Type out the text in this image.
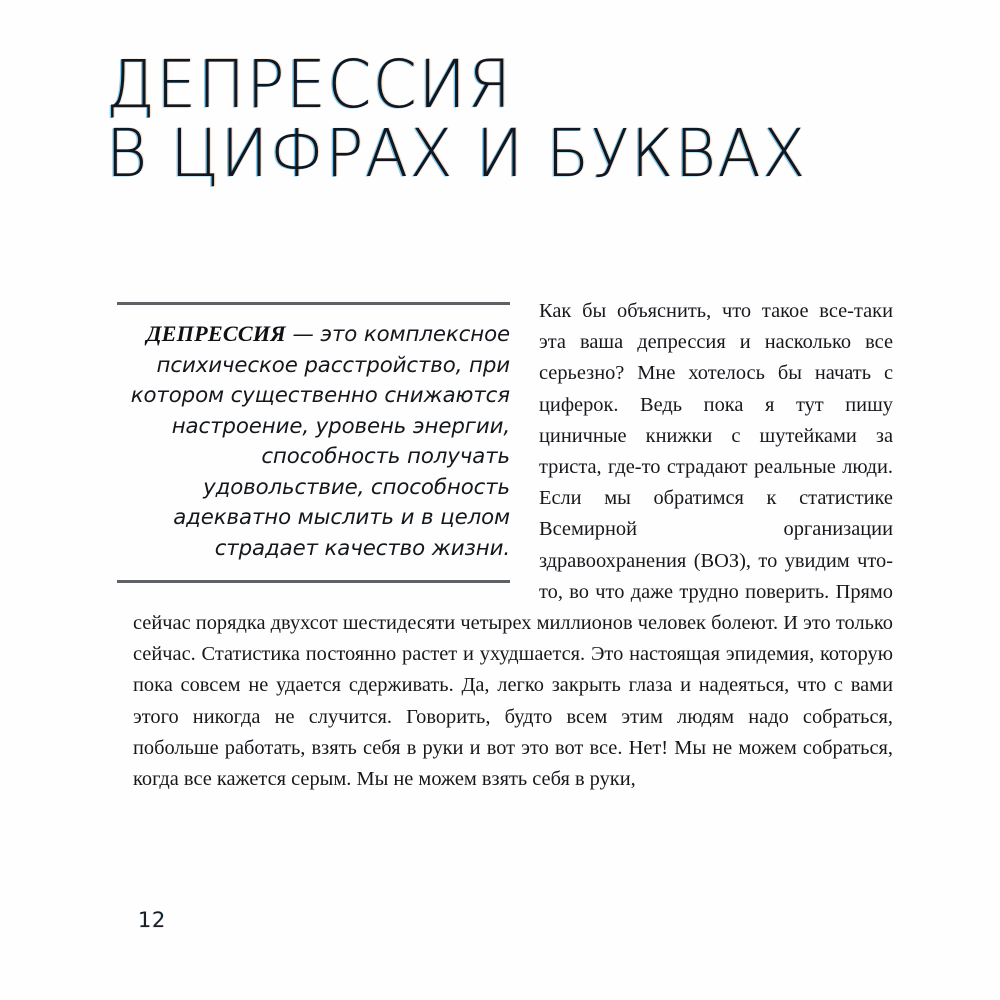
ДЕПРЕССИЯ
В ЦИФРАХ И БУКВАХ
ДЕПРЕССИЯ — это комплексное психическое расстройство, при котором существенно снижаются настроение, уровень энергии, способность получать удовольствие, способность адекватно мыслить и в целом страдает качество жизни.

Как бы объяснить, что такое все-таки эта ваша депрессия и насколько все серьезно? Мне хотелось бы начать с циферок. Ведь пока я тут пишу циничные книжки с шутейками за триста, где-то страдают реальные люди. Если мы обратимся к статистике Всемирной организации здравоохранения (ВОЗ), то увидим что-то, во что даже трудно поверить. Прямо сейчас порядка двухсот шестидесяти четырех миллионов человек болеют. И это только сейчас. Статистика постоянно растет и ухудшается. Это настоящая эпидемия, которую пока совсем не удается сдерживать. Да, легко закрыть глаза и надеяться, что с вами этого никогда не случится. Говорить, будто всем этим людям надо собраться, побольше работать, взять себя в руки и вот это вот все. Нет! Мы не можем собраться, когда все кажется серым. Мы не можем взять себя в руки,

12
